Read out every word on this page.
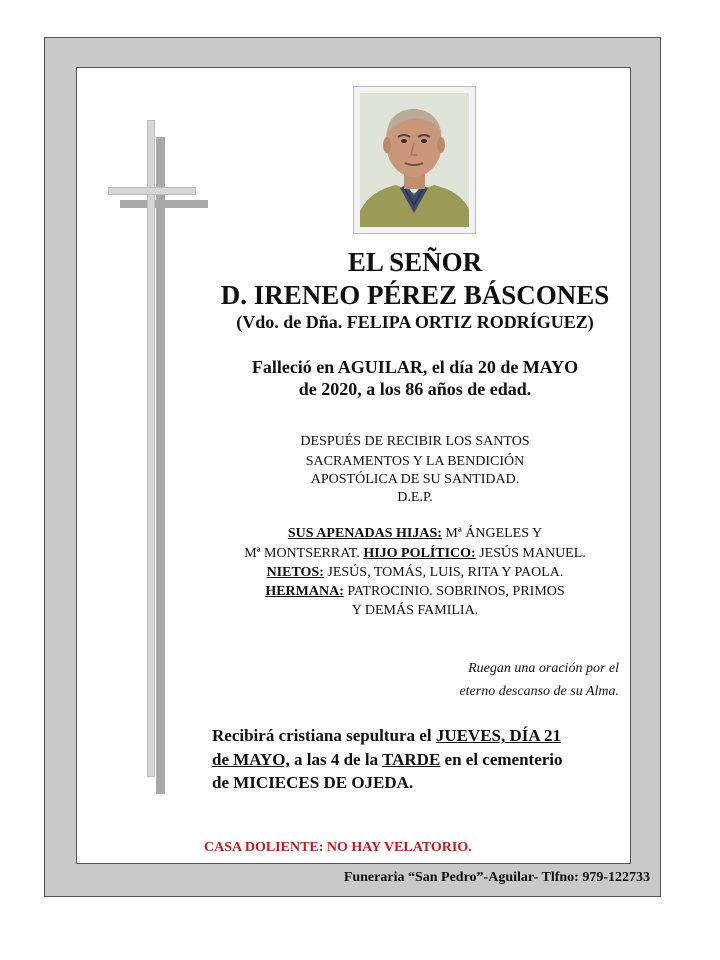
EL SEÑOR
D. IRENEO PÉREZ BÁSCONES
(Vdo. de Dña. FELIPA ORTIZ RODRÍGUEZ)
Falleció en AGUILAR, el día 20 de MAYO
de 2020, a los 86 años de edad.
DESPUÉS DE RECIBIR LOS SANTOS
SACRAMENTOS Y LA BENDICIÓN
APOSTÓLICA DE SU SANTIDAD.
D.E.P.
SUS APENADAS HIJAS: Mª ÁNGELES Y
Mª MONTSERRAT. HIJO POLÍTICO: JESÚS MANUEL.
NIETOS: JESÚS, TOMÁS, LUIS, RITA Y PAOLA.
HERMANA: PATROCINIO. SOBRINOS, PRIMOS
Y DEMÁS FAMILIA.
Ruegan una oración por el
eterno descanso de su Alma.
Recibirá cristiana sepultura el JUEVES, DÍA 21
de MAYO, a las 4 de la TARDE en el cementerio
de MICIECES DE OJEDA.
CASA DOLIENTE: NO HAY VELATORIO.
Funeraria “San Pedro”-Aguilar- Tlfno: 979-122733
